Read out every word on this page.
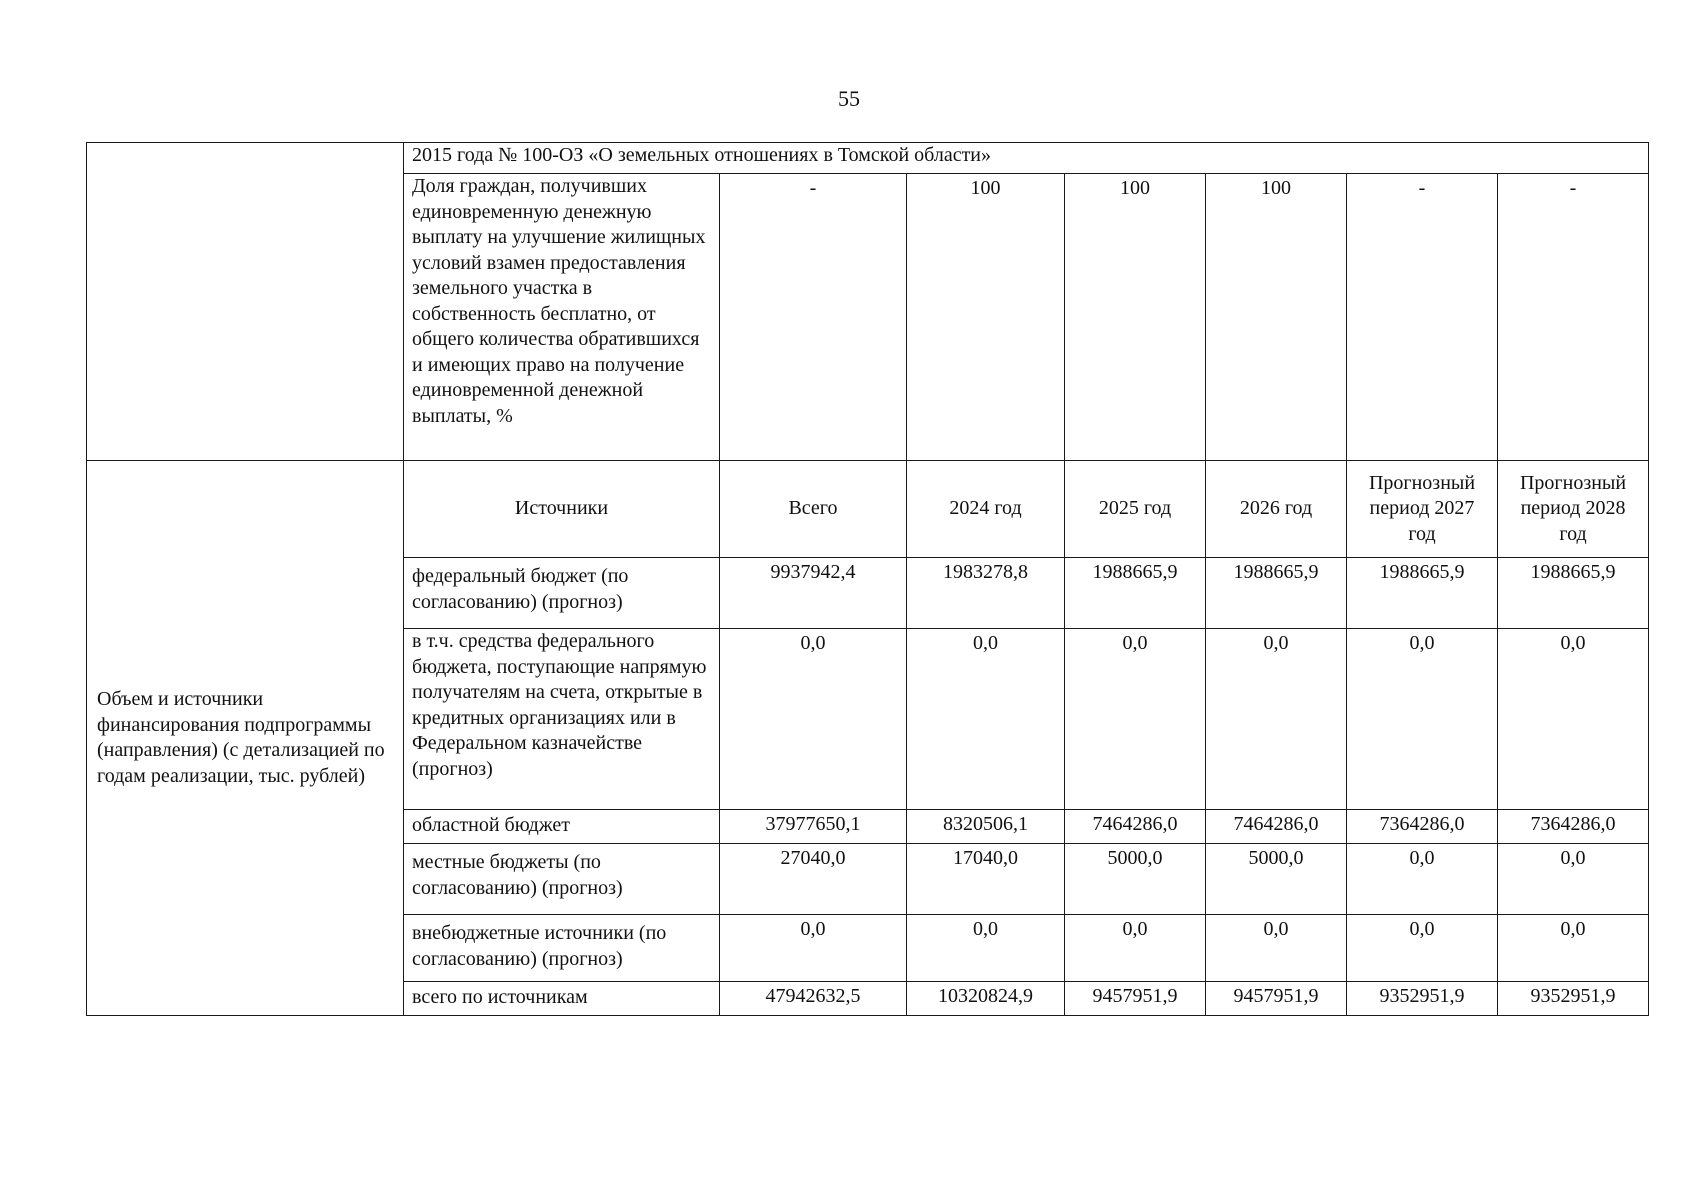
55
	2015 года № 100-ОЗ «О земельных отношениях в Томской области»						
	Доля граждан, получивших единовременную денежную выплату на улучшение жилищных условий взамен предоставления земельного участка в собственность бесплатно, от общего количества обратившихся и имеющих право на получение единовременной денежной выплаты, %	-	100	100	100	-	-
Объем и источники финансирования подпрограммы (направления) (с детализацией по годам реализации, тыс. рублей)	Источники	Всего	2024 год	2025 год	2026 год	Прогнозный период 2027 год	Прогнозный период 2028 год
	федеральный бюджет (по согласованию) (прогноз)	9937942,4	1983278,8	1988665,9	1988665,9	1988665,9	1988665,9
	в т.ч. средства федерального бюджета, поступающие напрямую получателям на счета, открытые в кредитных организациях или в Федеральном казначействе (прогноз)	0,0	0,0	0,0	0,0	0,0	0,0
	областной бюджет	37977650,1	8320506,1	7464286,0	7464286,0	7364286,0	7364286,0
	местные бюджеты (по согласованию) (прогноз)	27040,0	17040,0	5000,0	5000,0	0,0	0,0
	внебюджетные источники (по согласованию) (прогноз)	0,0	0,0	0,0	0,0	0,0	0,0
	всего по источникам	47942632,5	10320824,9	9457951,9	9457951,9	9352951,9	9352951,9
